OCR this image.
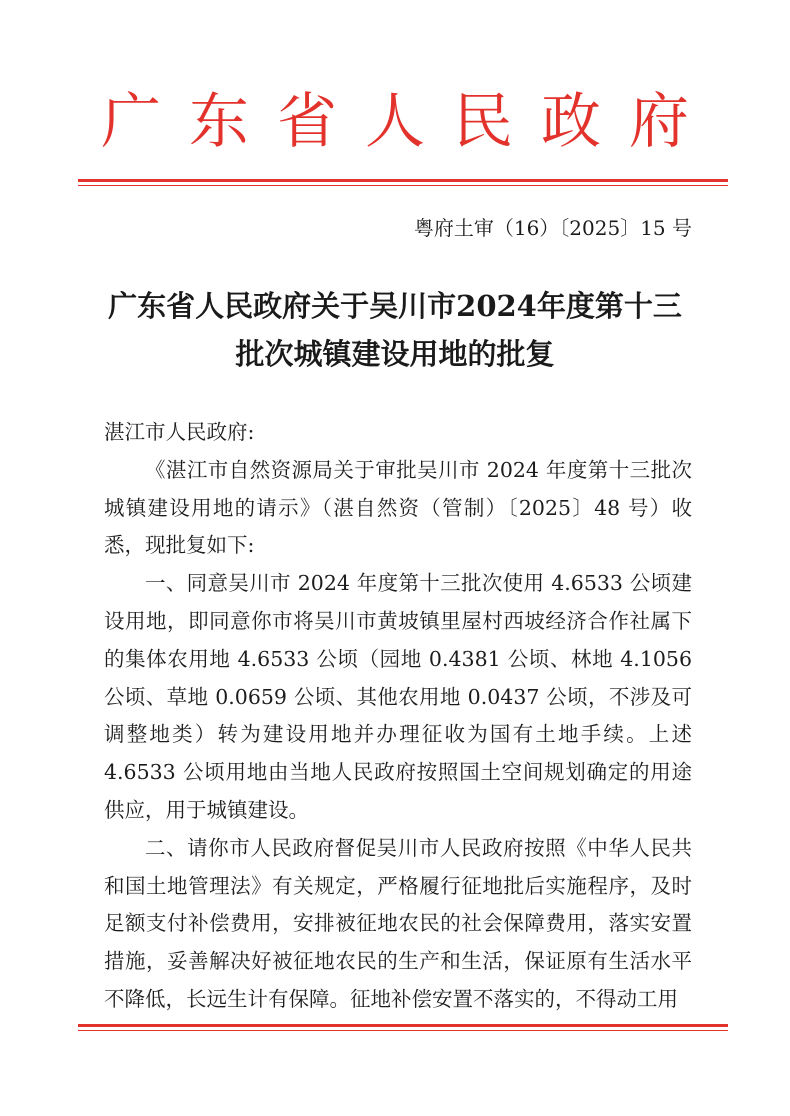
广东省人民政府
粤府土审（16）〔2025〕15 号
广东省人民政府关于吴川市2024年度第十三
批次城镇建设用地的批复

湛江市人民政府:

《湛江市自然资源局关于审批吴川市 2024 年度第十三批次城镇建设用地的请示》（湛自然资（管制）〔2025〕48 号）收悉，现批复如下:

一、同意吴川市 2024 年度第十三批次使用 4.6533 公顷建设用地，即同意你市将吴川市黄坡镇里屋村西坡经济合作社属下的集体农用地 4.6533 公顷（园地 0.4381 公顷、林地 4.1056 公顷、草地 0.0659 公顷、其他农用地 0.0437 公顷，不涉及可调整地类）转为建设用地并办理征收为国有土地手续。上述 4.6533 公顷用地由当地人民政府按照国土空间规划确定的用途供应，用于城镇建设。

二、请你市人民政府督促吴川市人民政府按照《中华人民共和国土地管理法》有关规定，严格履行征地批后实施程序，及时足额支付补偿费用，安排被征地农民的社会保障费用，落实安置措施，妥善解决好被征地农民的生产和生活，保证原有生活水平不降低，长远生计有保障。征地补偿安置不落实的，不得动工用
